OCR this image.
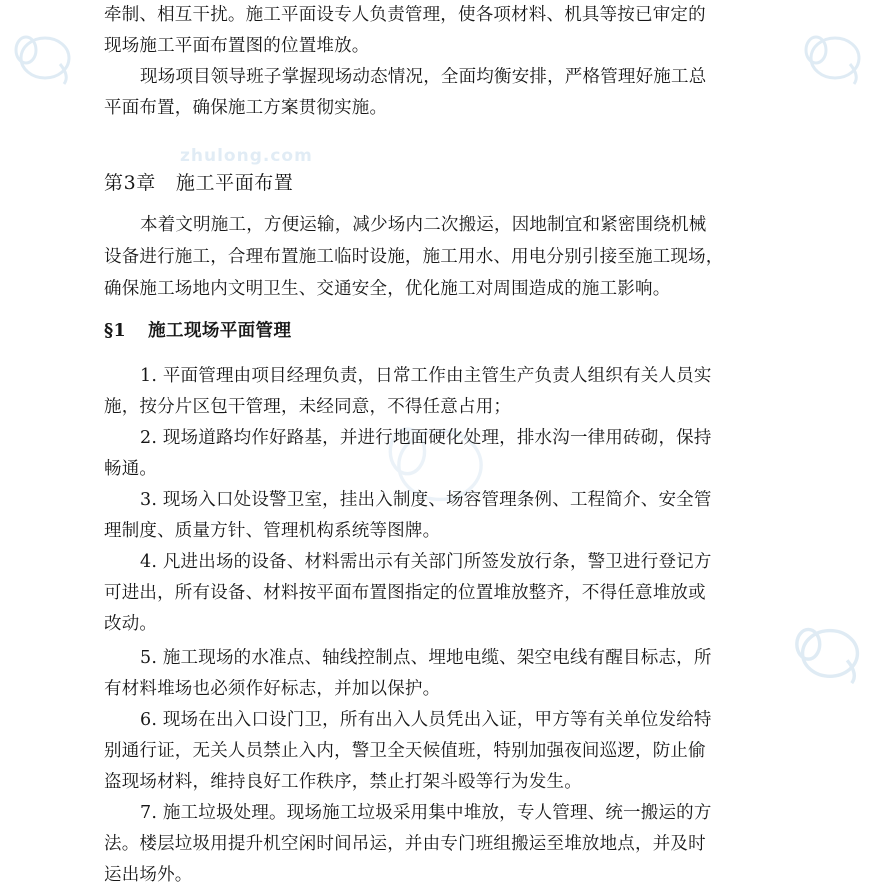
zhulong.com
牵制、相互干扰。施工平面设专人负责管理，使各项材料、机具等按已审定的
现场施工平面布置图的位置堆放。
现场项目领导班子掌握现场动态情况，全面均衡安排，严格管理好施工总
平面布置，确保施工方案贯彻实施。
第3章 施工平面布置
本着文明施工，方便运输，减少场内二次搬运，因地制宜和紧密围绕机械
设备进行施工，合理布置施工临时设施，施工用水、用电分别引接至施工现场，
确保施工场地内文明卫生、交通安全，优化施工对周围造成的施工影响。
§1 施工现场平面管理
1. 平面管理由项目经理负责，日常工作由主管生产负责人组织有关人员实
施，按分片区包干管理，未经同意，不得任意占用；
2. 现场道路均作好路基，并进行地面硬化处理，排水沟一律用砖砌，保持
畅通。
3. 现场入口处设警卫室，挂出入制度、场容管理条例、工程简介、安全管
理制度、质量方针、管理机构系统等图牌。
4. 凡进出场的设备、材料需出示有关部门所签发放行条，警卫进行登记方
可进出，所有设备、材料按平面布置图指定的位置堆放整齐，不得任意堆放或
改动。
5. 施工现场的水准点、轴线控制点、埋地电缆、架空电线有醒目标志，所
有材料堆场也必须作好标志，并加以保护。
6. 现场在出入口设门卫，所有出入人员凭出入证，甲方等有关单位发给特
别通行证，无关人员禁止入内，警卫全天候值班，特别加强夜间巡逻，防止偷
盗现场材料，维持良好工作秩序，禁止打架斗殴等行为发生。
7. 施工垃圾处理。现场施工垃圾采用集中堆放，专人管理、统一搬运的方
法。楼层垃圾用提升机空闲时间吊运，并由专门班组搬运至堆放地点，并及时
运出场外。
